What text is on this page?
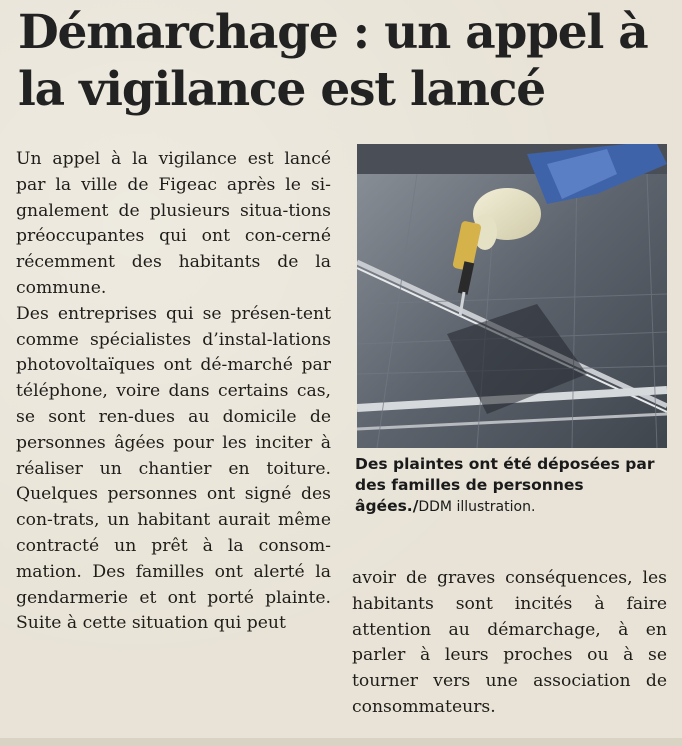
Démarchage : un appel à
la vigilance est lancé

Un appel à la vigilance est lancé par la ville de Figeac après le si-gnalement de plusieurs situa-tions préoccupantes qui ont con-cerné récemment des habitants de la commune.

Des entreprises qui se présen-tent comme spécialistes d’instal-lations photovoltaïques ont dé-marché par téléphone, voire dans certains cas, se sont ren-dues au domicile de personnes âgées pour les inciter à réaliser un chantier en toiture. Quelques personnes ont signé des con-trats, un habitant aurait même contracté un prêt à la consom-mation. Des familles ont alerté la gendarmerie et ont porté plainte. Suite à cette situation qui peut

Des plaintes ont été déposées par des familles de personnes âgées./DDM illustration.

avoir de graves conséquences, les habitants sont incités à faire attention au démarchage, à en parler à leurs proches ou à se tourner vers une association de consommateurs.
